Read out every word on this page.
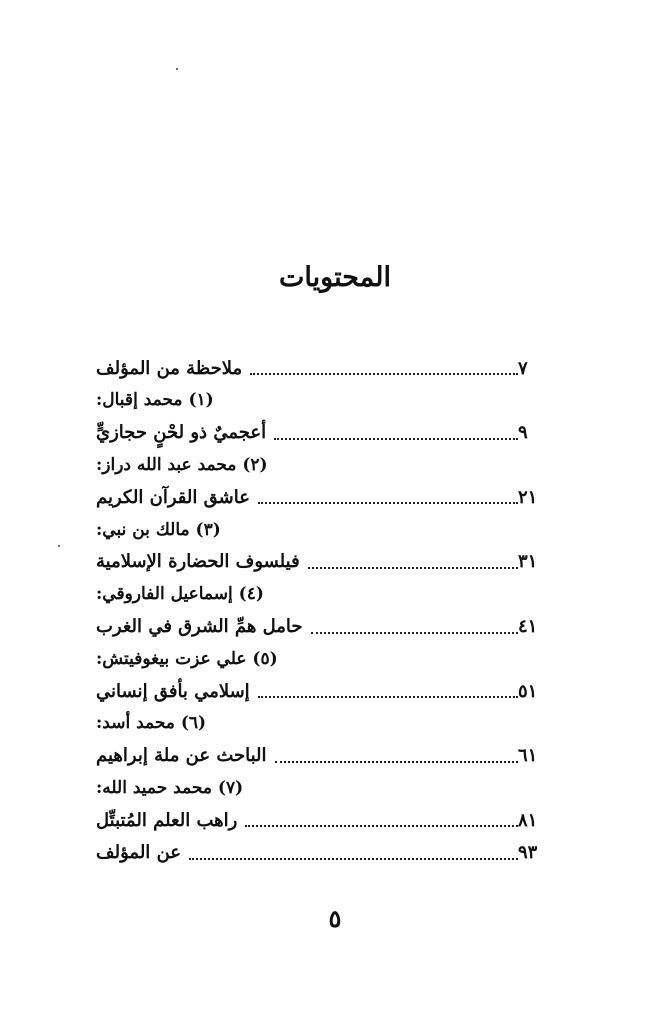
المحتويات
ملاحظة من المؤلف	٧
(١) محمد إقبال:
أعجميٌ ذو لحْنٍ حجازيٍّ	٩
(٢) محمد عبد الله دراز:
عاشق القرآن الكريم	٢١
(٣) مالك بن نبي:
فيلسوف الحضارة الإسلامية	٣١
(٤) إسماعيل الفاروقي:
حامل همِّ الشرق في الغرب	٤١
(٥) علي عزت بيغوفيتش:
إسلامي بأفق إنساني	٥١
(٦) محمد أسد:
الباحث عن ملة إبراهيم	٦١
(٧) محمد حميد الله:
راهب العلم المُتبتِّل	٨١
عن المؤلف	٩٣
٥
